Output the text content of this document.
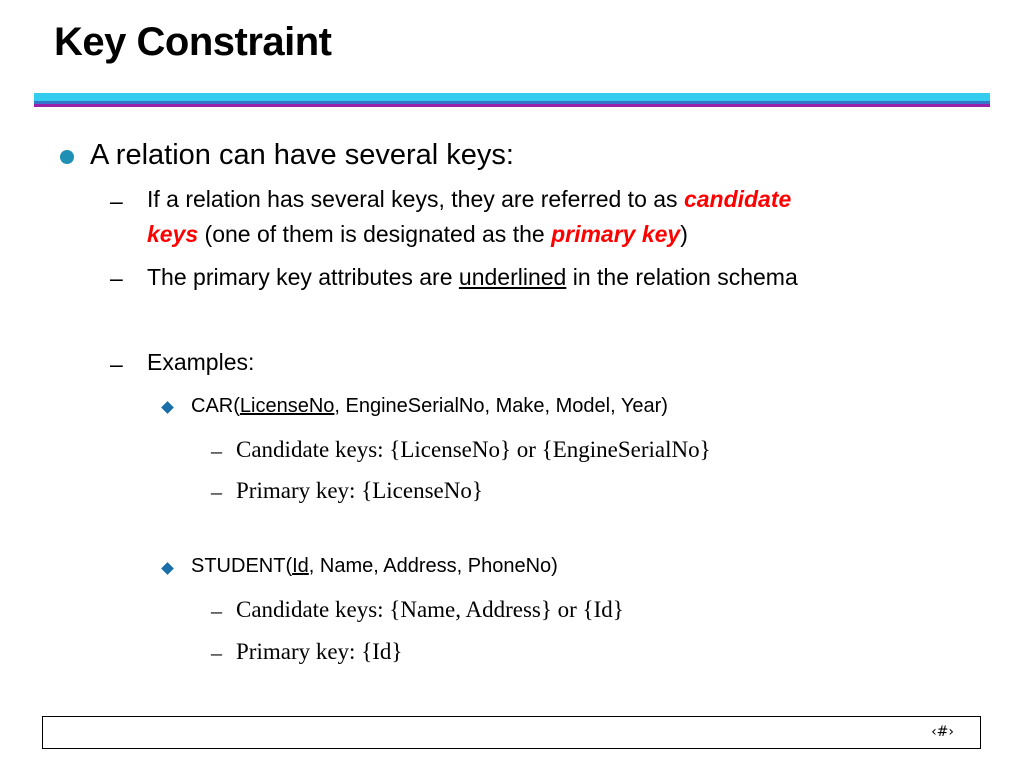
Key Constraint
A relation can have several keys:
– If a relation has several keys, they are referred to as candidate
keys (one of them is designated as the primary key)
– The primary key attributes are underlined in the relation schema
– Examples:
CAR(LicenseNo, EngineSerialNo, Make, Model, Year)
– Candidate keys: {LicenseNo} or {EngineSerialNo}
– Primary key: {LicenseNo}
STUDENT(Id, Name, Address, PhoneNo)
– Candidate keys: {Name, Address} or {Id}
– Primary key: {Id}
‹#›
